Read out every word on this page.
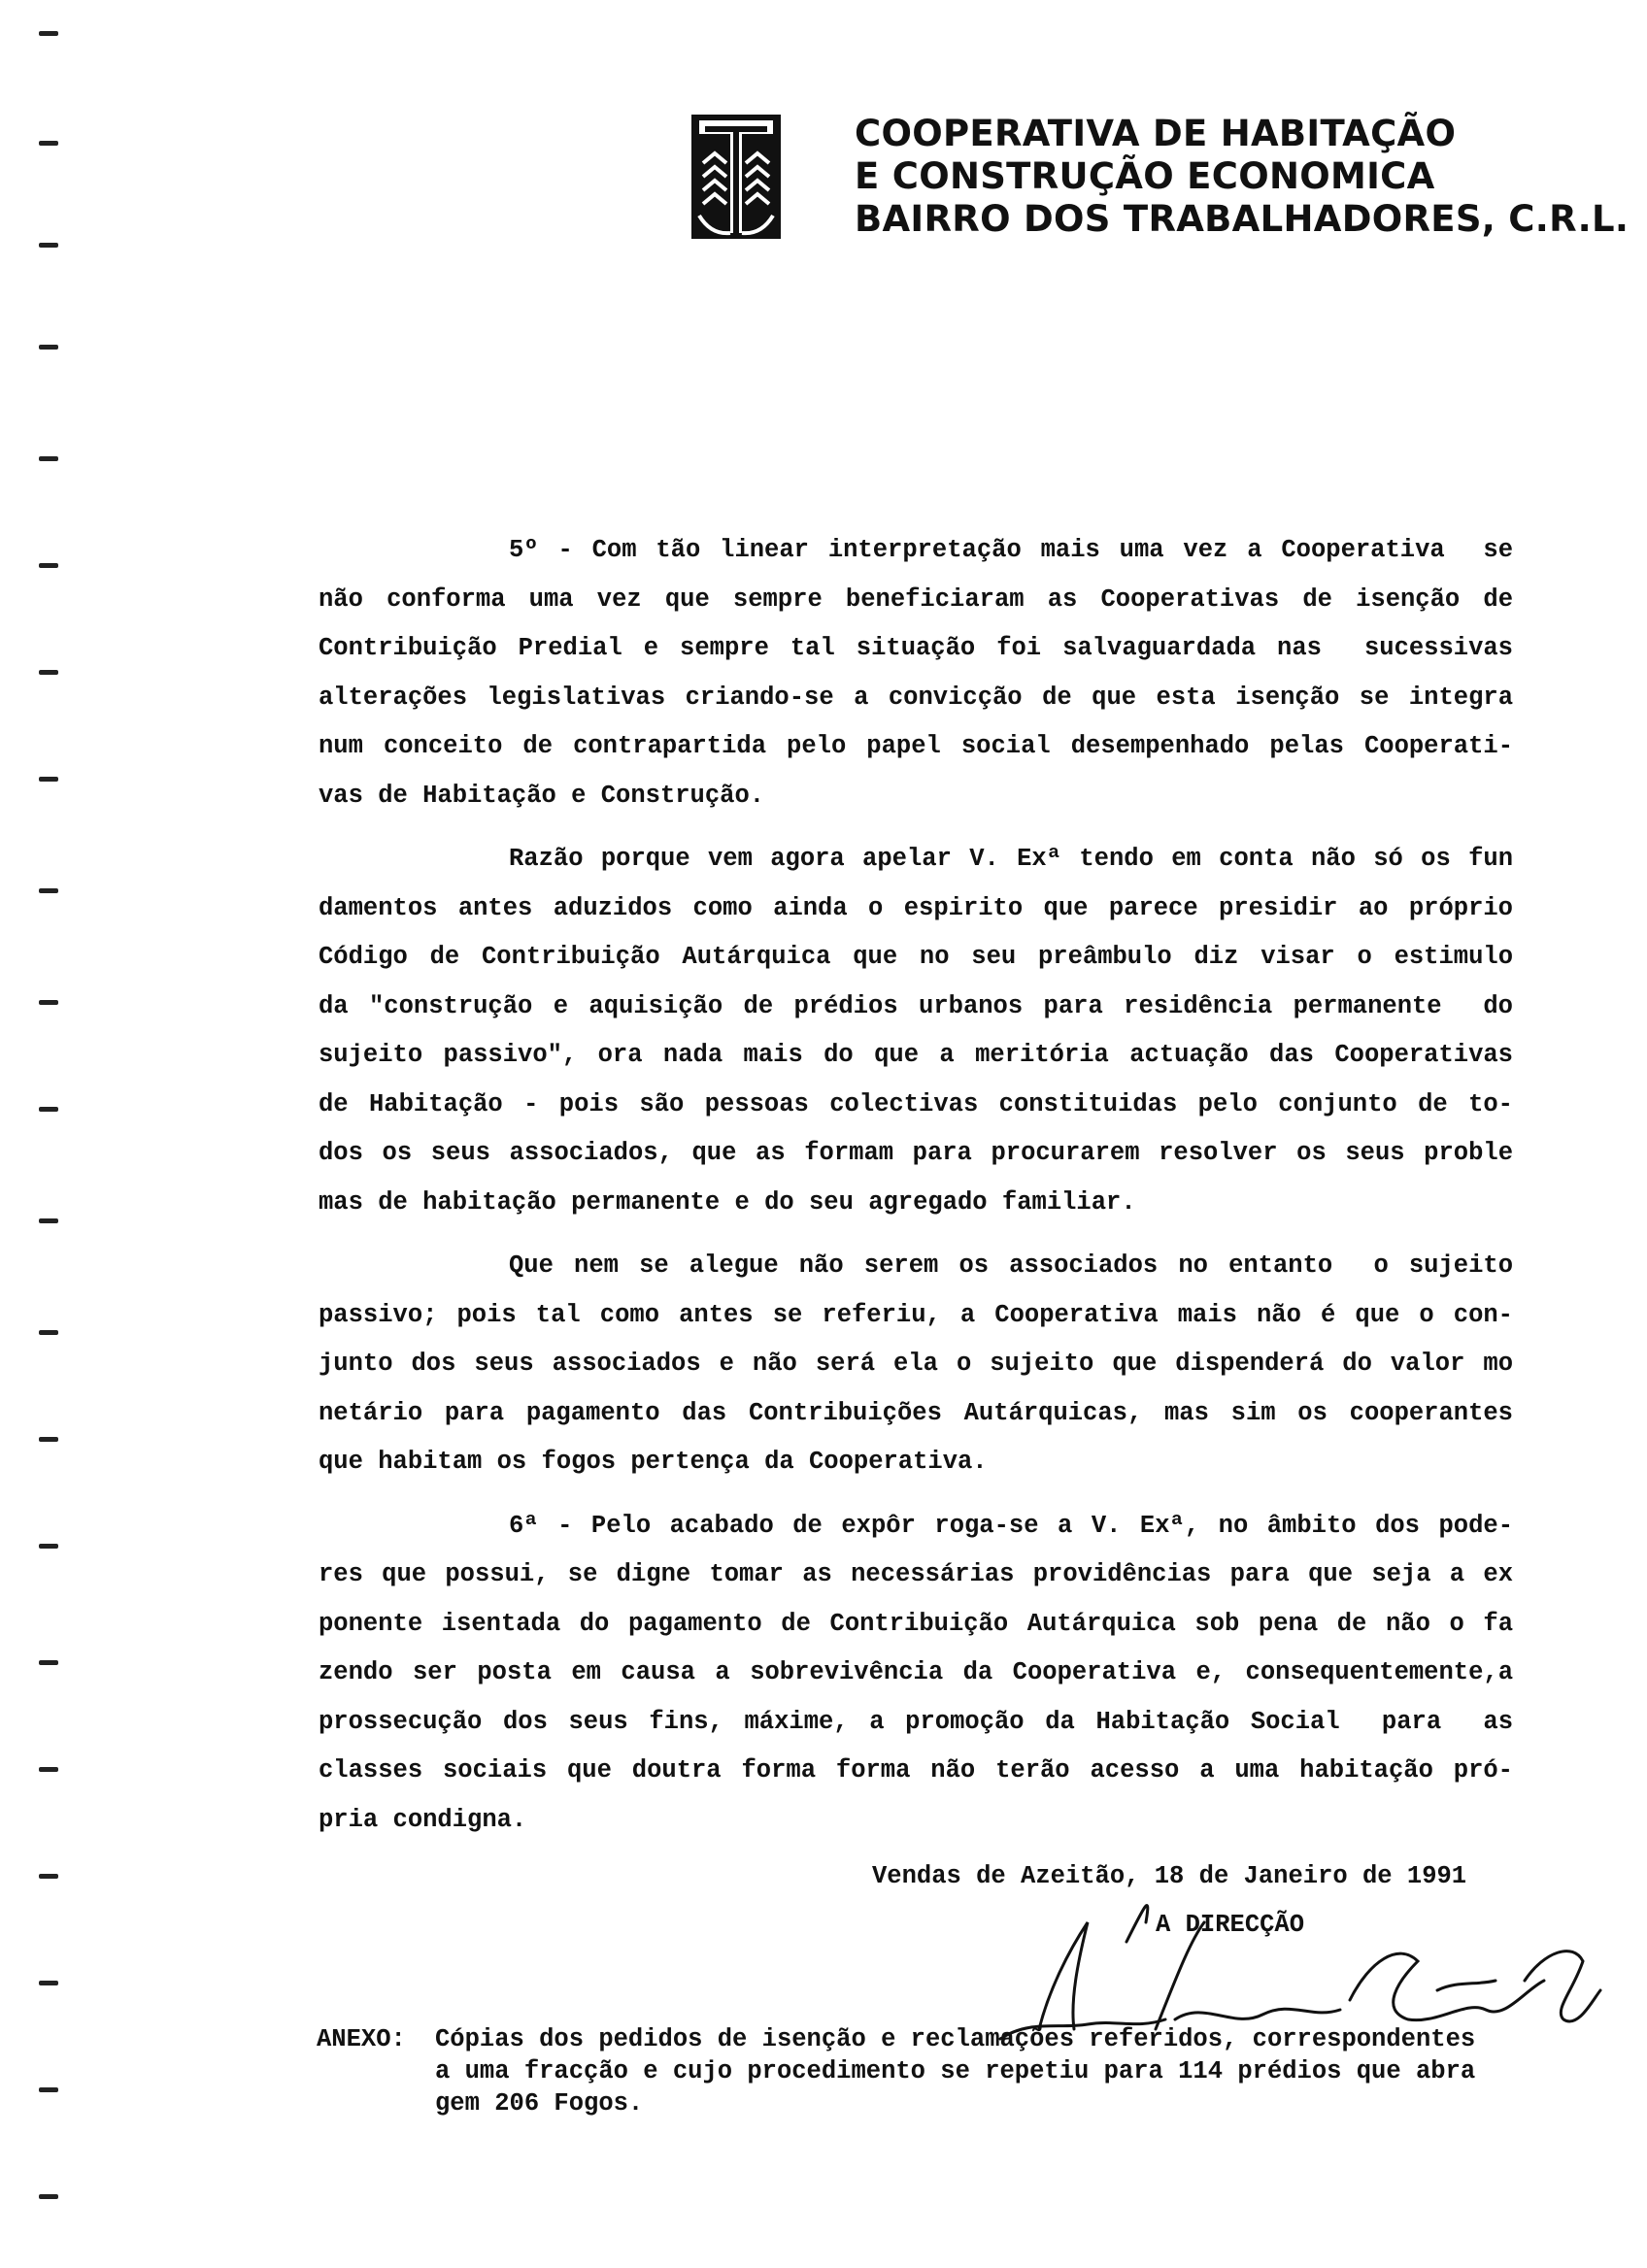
COOPERATIVA DE HABITAÇÃO
E CONSTRUÇÃO ECONOMICA
BAIRRO DOS TRABALHADORES, C.R.L.
5º - Com tão linear interpretação mais uma vez a Cooperativa  se
não conforma uma vez que sempre beneficiaram as Cooperativas de isenção de
Contribuição Predial e sempre tal situação foi salvaguardada nas  sucessivas
alterações legislativas criando-se a convicção de que esta isenção se integra
num conceito de contrapartida pelo papel social desempenhado pelas Cooperati-
vas de Habitação e Construção.
Razão porque vem agora apelar V. Exª tendo em conta não só os fun
damentos antes aduzidos como ainda o espirito que parece presidir ao próprio
Código de Contribuição Autárquica que no seu preâmbulo diz visar o estimulo
da "construção e aquisição de prédios urbanos para residência permanente  do
sujeito passivo", ora nada mais do que a meritória actuação das Cooperativas
de Habitação - pois são pessoas colectivas constituidas pelo conjunto de to-
dos os seus associados, que as formam para procurarem resolver os seus proble
mas de habitação permanente e do seu agregado familiar.
Que nem se alegue não serem os associados no entanto  o sujeito
passivo; pois tal como antes se referiu, a Cooperativa mais não é que o con-
junto dos seus associados e não será ela o sujeito que dispenderá do valor mo
netário para pagamento das Contribuições Autárquicas, mas sim os cooperantes
que habitam os fogos pertença da Cooperativa.
6ª - Pelo acabado de expôr roga-se a V. Exª, no âmbito dos pode-
res que possui, se digne tomar as necessárias providências para que seja a ex
ponente isentada do pagamento de Contribuição Autárquica sob pena de não o fa
zendo ser posta em causa a sobrevivência da Cooperativa e, consequentemente,a
prossecução dos seus fins, máxime, a promoção da Habitação Social  para  as
classes sociais que doutra forma forma não terão acesso a uma habitação pró-
pria condigna.
Vendas de Azeitão, 18 de Janeiro de 1991
A DIRECÇÃO
ANEXO: Cópias dos pedidos de isenção e reclamações referidos, correspondentes
a uma fracção e cujo procedimento se repetiu para 114 prédios que abra
gem 206 Fogos.
